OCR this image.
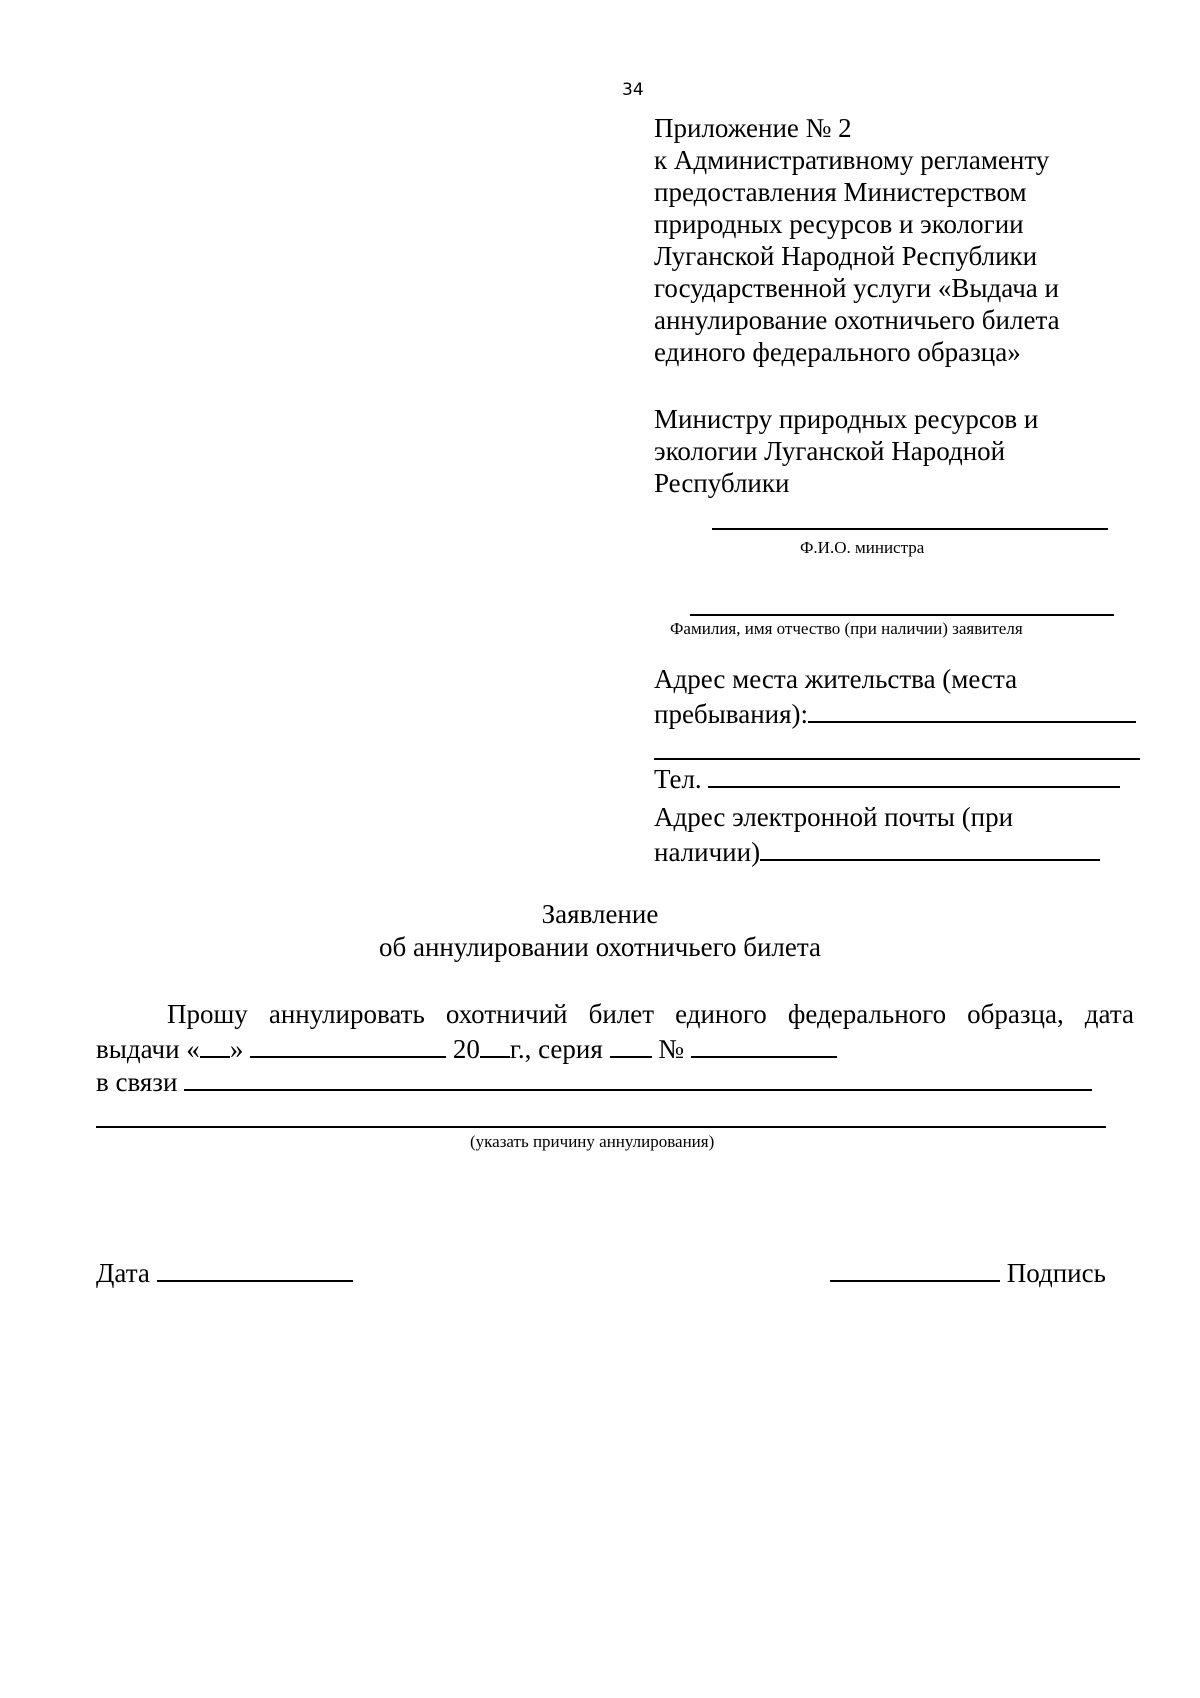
34
Приложение № 2
к Административному регламенту
предоставления Министерством
природных ресурсов и экологии
Луганской Народной Республики
государственной услуги «Выдача и
аннулирование охотничьего билета
единого федерального образца»
Министру природных ресурсов и
экологии Луганской Народной
Республики
Ф.И.О. министра
Фамилия, имя отчество (при наличии) заявителя
Адрес места жительства (места
пребывания):
Тел.
Адрес электронной почты (при
наличии)
Заявление
об аннулировании охотничьего билета
Прошу аннулировать охотничий билет единого федерального образца, дата
выдачи « »	20 г., серия №
в связи
(указать причину аннулирования)
Дата	Подпись
